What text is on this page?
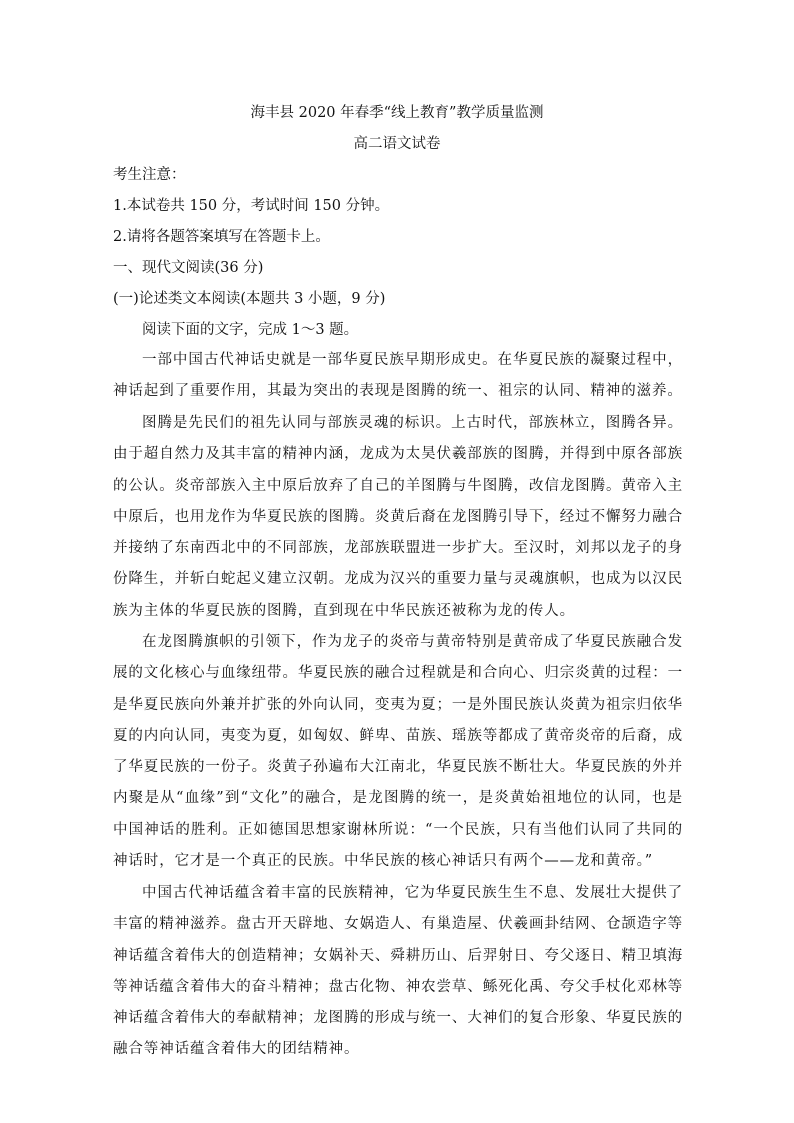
海丰县 2020 年春季“线上教育”教学质量监测
高二语文试卷
考生注意：
1.本试卷共 150 分，考试时间 150 分钟。
2.请将各题答案填写在答题卡上。
一、现代文阅读(36 分)
(一)论述类文本阅读(本题共 3 小题，9 分)
阅读下面的文字，完成 1～3 题。

一部中国古代神话史就是一部华夏民族早期形成史。在华夏民族的凝聚过程中，神话起到了重要作用，其最为突出的表现是图腾的统一、祖宗的认同、精神的滋养。

图腾是先民们的祖先认同与部族灵魂的标识。上古时代，部族林立，图腾各异。由于超自然力及其丰富的精神内涵，龙成为太昊伏羲部族的图腾，并得到中原各部族的公认。炎帝部族入主中原后放弃了自己的羊图腾与牛图腾，改信龙图腾。黄帝入主中原后，也用龙作为华夏民族的图腾。炎黄后裔在龙图腾引导下，经过不懈努力融合并接纳了东南西北中的不同部族，龙部族联盟进一步扩大。至汉时，刘邦以龙子的身份降生，并斩白蛇起义建立汉朝。龙成为汉兴的重要力量与灵魂旗帜，也成为以汉民族为主体的华夏民族的图腾，直到现在中华民族还被称为龙的传人。

在龙图腾旗帜的引领下，作为龙子的炎帝与黄帝特别是黄帝成了华夏民族融合发展的文化核心与血缘纽带。华夏民族的融合过程就是和合向心、归宗炎黄的过程：一是华夏民族向外兼并扩张的外向认同，变夷为夏；一是外围民族认炎黄为祖宗归依华夏的内向认同，夷变为夏，如匈奴、鲜卑、苗族、瑶族等都成了黄帝炎帝的后裔，成了华夏民族的一份子。炎黄子孙遍布大江南北，华夏民族不断壮大。华夏民族的外并内聚是从“血缘”到“文化”的融合，是龙图腾的统一，是炎黄始祖地位的认同，也是中国神话的胜利。正如德国思想家谢林所说：“一个民族，只有当他们认同了共同的神话时，它才是一个真正的民族。中华民族的核心神话只有两个——龙和黄帝。”

中国古代神话蕴含着丰富的民族精神，它为华夏民族生生不息、发展壮大提供了丰富的精神滋养。盘古开天辟地、女娲造人、有巢造屋、伏羲画卦结网、仓颉造字等神话蕴含着伟大的创造精神；女娲补天、舜耕历山、后羿射日、夸父逐日、精卫填海等神话蕴含着伟大的奋斗精神；盘古化物、神农尝草、鲧死化禹、夸父手杖化邓林等神话蕴含着伟大的奉献精神；龙图腾的形成与统一、大神们的复合形象、华夏民族的融合等神话蕴含着伟大的团结精神。
